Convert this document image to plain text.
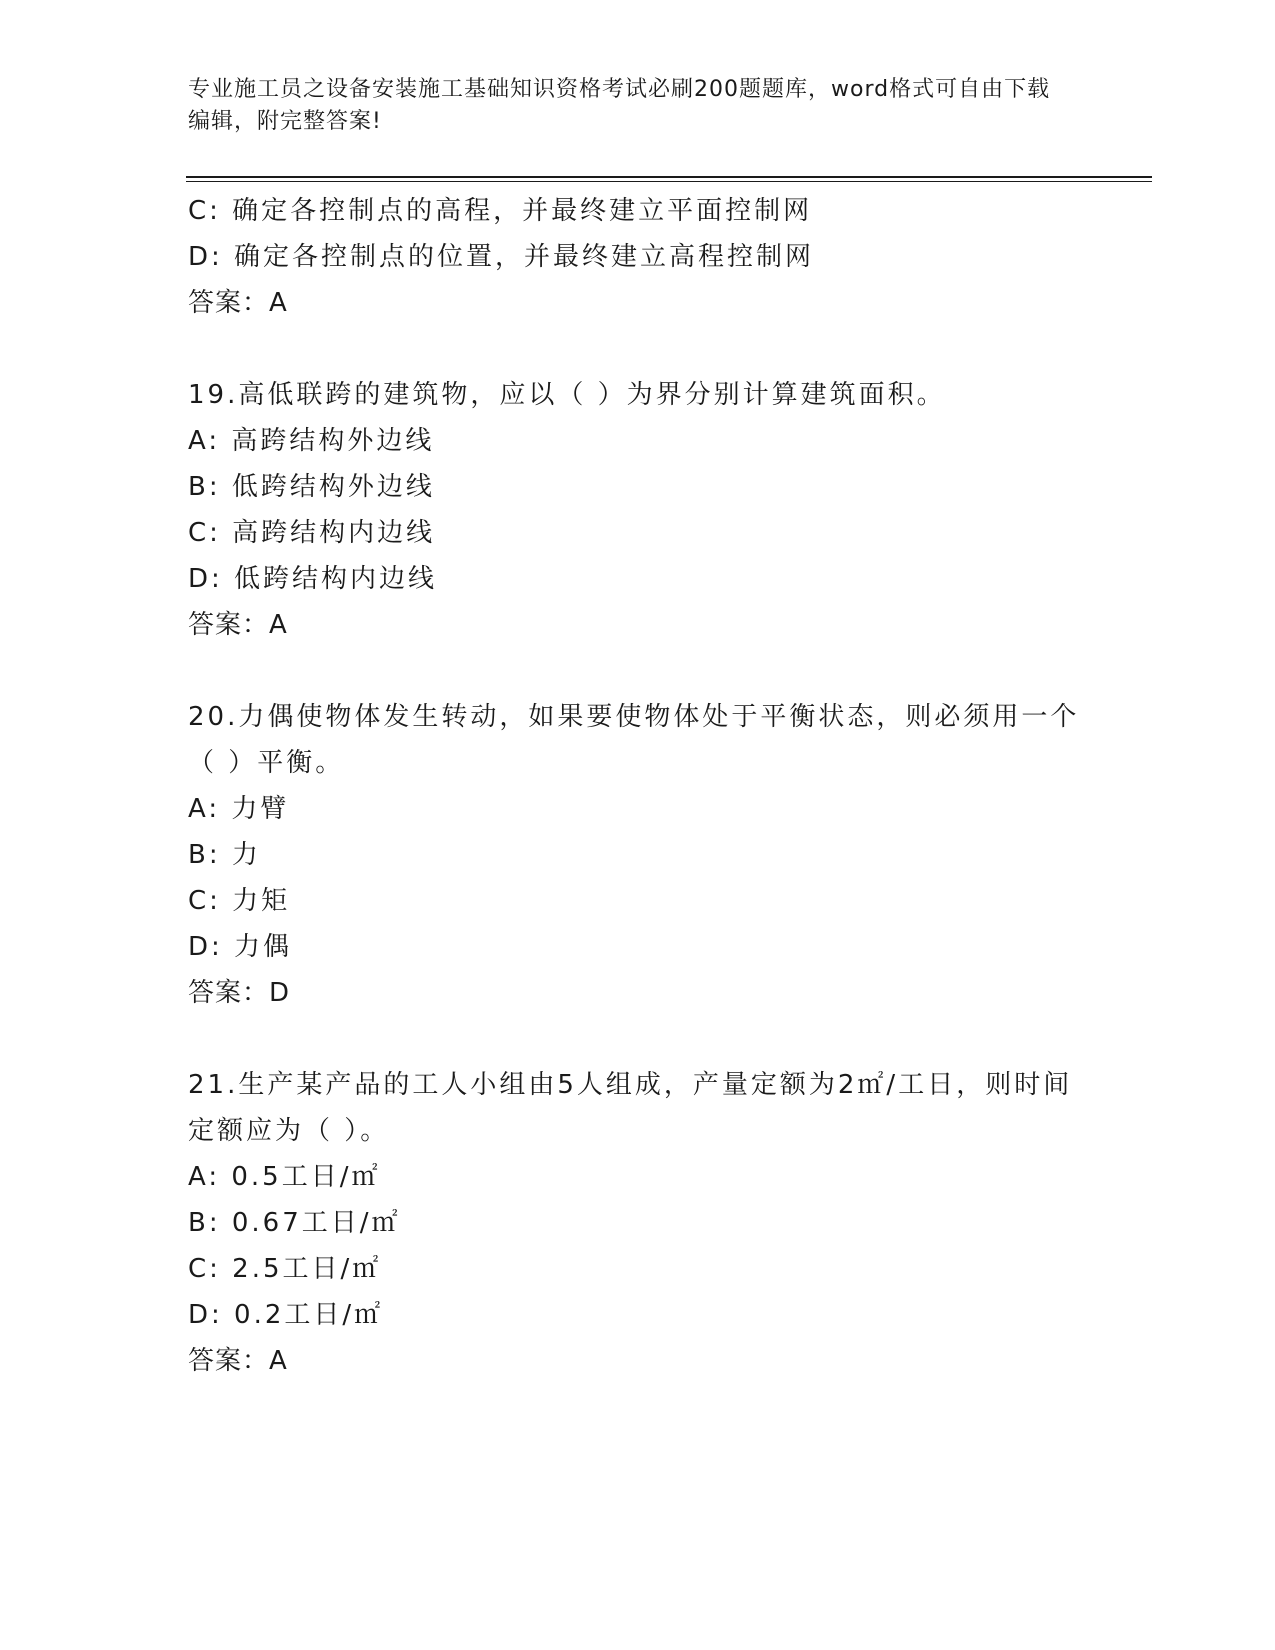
专业施工员之设备安装施工基础知识资格考试必刷200题题库，word格式可自由下载编辑，附完整答案!
C: 确定各控制点的高程，并最终建立平面控制网
D: 确定各控制点的位置，并最终建立高程控制网
答案：A
19.高低联跨的建筑物，应以（ ）为界分别计算建筑面积。
A: 高跨结构外边线
B: 低跨结构外边线
C: 高跨结构内边线
D: 低跨结构内边线
答案：A
20.力偶使物体发生转动，如果要使物体处于平衡状态，则必须用一个
（ ）平衡。
A: 力臂
B: 力
C: 力矩
D: 力偶
答案：D
21.生产某产品的工人小组由5人组成，产量定额为2㎡/工日，则时间
定额应为（ ）。
A: 0.5工日/㎡
B: 0.67工日/㎡
C: 2.5工日/㎡
D: 0.2工日/㎡
答案：A
